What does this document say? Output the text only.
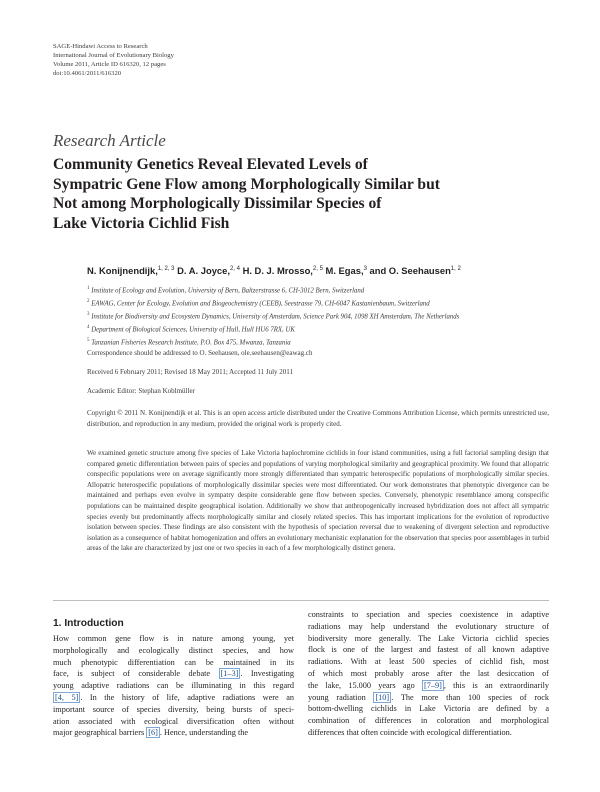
SAGE-Hindawi Access to Research
International Journal of Evolutionary Biology
Volume 2011, Article ID 616320, 12 pages
doi:10.4061/2011/616320
Research Article
Community Genetics Reveal Elevated Levels of
Sympatric Gene Flow among Morphologically Similar but
Not among Morphologically Dissimilar Species of
Lake Victoria Cichlid Fish
N. Konijnendijk,$^{1, 2, 3}$ D. A. Joyce,$^{2, 4}$ H. D. J. Mrosso,$^{2, 5}$ M. Egas,$^3$ and O. Seehausen$^{1, 2}$
$^1$ Institute of Ecology and Evolution, University of Bern, Baltzerstrasse 6, CH-3012 Bern, Switzerland
$^2$ EAWAG, Center for Ecology, Evolution and Biogeochemistry (CEEB), Seestrasse 79, CH-6047 Kastanienbaum, Switzerland
$^3$ Institute for Biodiversity and Ecosystem Dynamics, University of Amsterdam, Science Park 904, 1098 XH Amsterdam, The Netherlands
$^4$ Department of Biological Sciences, University of Hull, Hull HU6 7RX, UK
$^5$ Tanzanian Fisheries Research Institute, P.O. Box 475, Mwanza, Tanzania
Correspondence should be addressed to O. Seehausen, ole.seehausen@eawag.ch
Received 6 February 2011; Revised 18 May 2011; Accepted 11 July 2011
Academic Editor: Stephan Koblmüller
Copyright © 2011 N. Konijnendijk et al. This is an open access article distributed under the Creative Commons Attribution License, which permits unrestricted use, distribution, and reproduction in any medium, provided the original work is properly cited.
We examined genetic structure among five species of Lake Victoria haplochromine cichlids in four island communities, using a full factorial sampling design that compared genetic differentiation between pairs of species and populations of varying morphological similarity and geographical proximity. We found that allopatric conspecific populations were on average significantly more strongly differentiated than sympatric heterospecific populations of morphologically similar species. Allopatric heterospecific populations of morphologically dissimilar species were most differentiated. Our work demonstrates that phenotypic divergence can be maintained and perhaps even evolve in sympatry despite considerable gene flow between species. Conversely, phenotypic resemblance among conspecific populations can be maintained despite geographical isolation. Additionally we show that anthropogenically increased hybridization does not affect all sympatric species evenly but predominantly affects morphologically similar and closely related species. This has important implications for the evolution of reproductive isolation between species. These findings are also consistent with the hypothesis of speciation reversal due to weakening of divergent selection and reproductive isolation as a consequence of habitat homogenization and offers an evolutionary mechanistic explanation for the observation that species poor assemblages in turbid areas of the lake are characterized by just one or two species in each of a few morphologically distinct genera.
1. Introduction
How common gene flow is in nature among young, yet
morphologically and ecologically distinct species, and how
much phenotypic differentiation can be maintained in its
face, is subject of considerable debate [1–3] . Investigating
young adaptive radiations can be illuminating in this regard
[4, 5] . In the history of life, adaptive radiations were an
important source of species diversity, being bursts of speci-
ation associated with ecological diversification often without
major geographical barriers [6] . Hence, understanding the
constraints to speciation and species coexistence in adaptive
radiations may help understand the evolutionary structure of
biodiversity more generally. The Lake Victoria cichlid species
flock is one of the largest and fastest of all known adaptive
radiations. With at least 500 species of cichlid fish, most
of which most probably arose after the last desiccation of
the lake, 15.000 years ago [7–9] , this is an extraordinarily
young radiation [10] . The more than 100 species of rock
bottom-dwelling cichlids in Lake Victoria are defined by a
combination of differences in coloration and morphological
differences that often coincide with ecological differentiation.
